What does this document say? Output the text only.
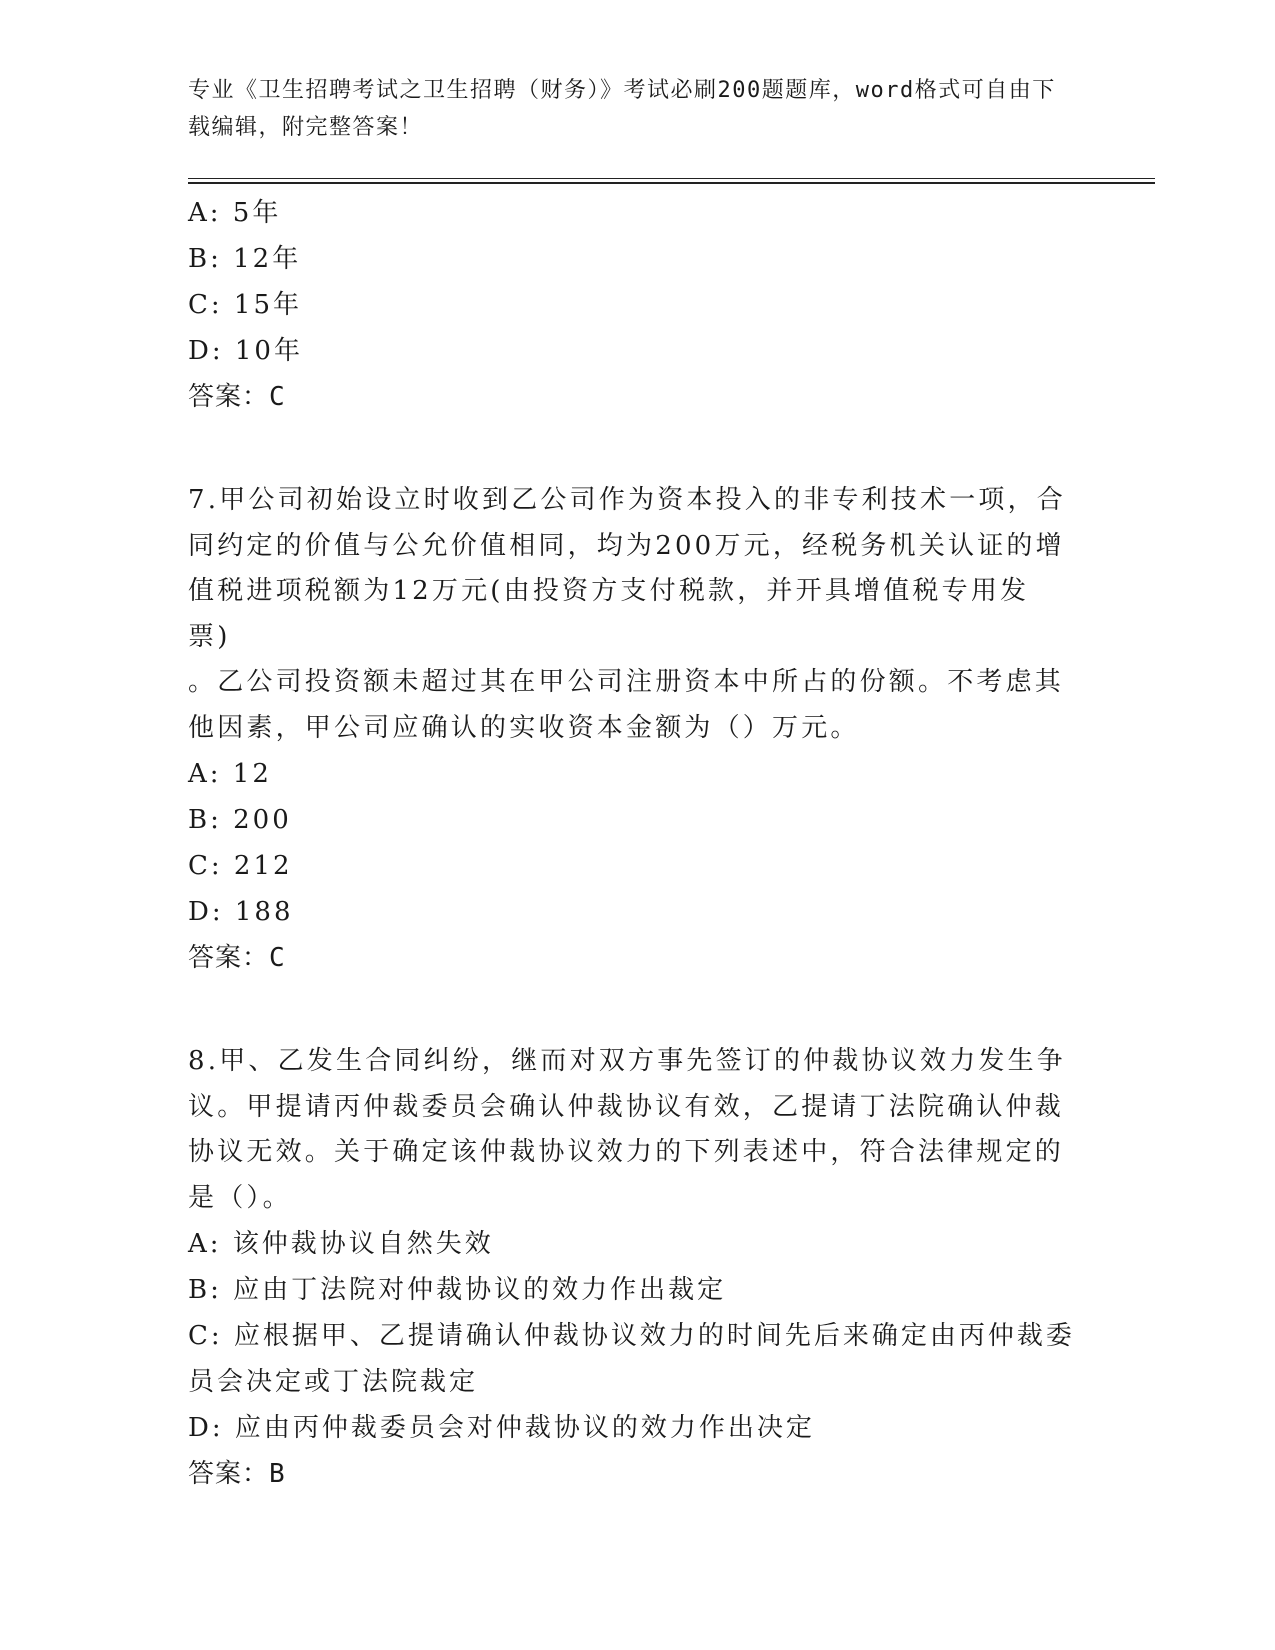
专业《卫生招聘考试之卫生招聘（财务）》考试必刷200题题库，word格式可自由下载编辑，附完整答案！
A: 5年
B: 12年
C: 15年
D: 10年
答案：C
7.甲公司初始设立时收到乙公司作为资本投入的非专利技术一项，合
同约定的价值与公允价值相同，均为200万元，经税务机关认证的增
值税进项税额为12万元(由投资方支付税款，并开具增值税专用发票)
。乙公司投资额未超过其在甲公司注册资本中所占的份额。不考虑其
他因素，甲公司应确认的实收资本金额为（）万元。
A: 12
B: 200
C: 212
D: 188
答案：C
8.甲、乙发生合同纠纷，继而对双方事先签订的仲裁协议效力发生争
议。甲提请丙仲裁委员会确认仲裁协议有效，乙提请丁法院确认仲裁
协议无效。关于确定该仲裁协议效力的下列表述中，符合法律规定的
是（）。
A: 该仲裁协议自然失效
B: 应由丁法院对仲裁协议的效力作出裁定
C: 应根据甲、乙提请确认仲裁协议效力的时间先后来确定由丙仲裁委
员会决定或丁法院裁定
D: 应由丙仲裁委员会对仲裁协议的效力作出决定
答案：B
